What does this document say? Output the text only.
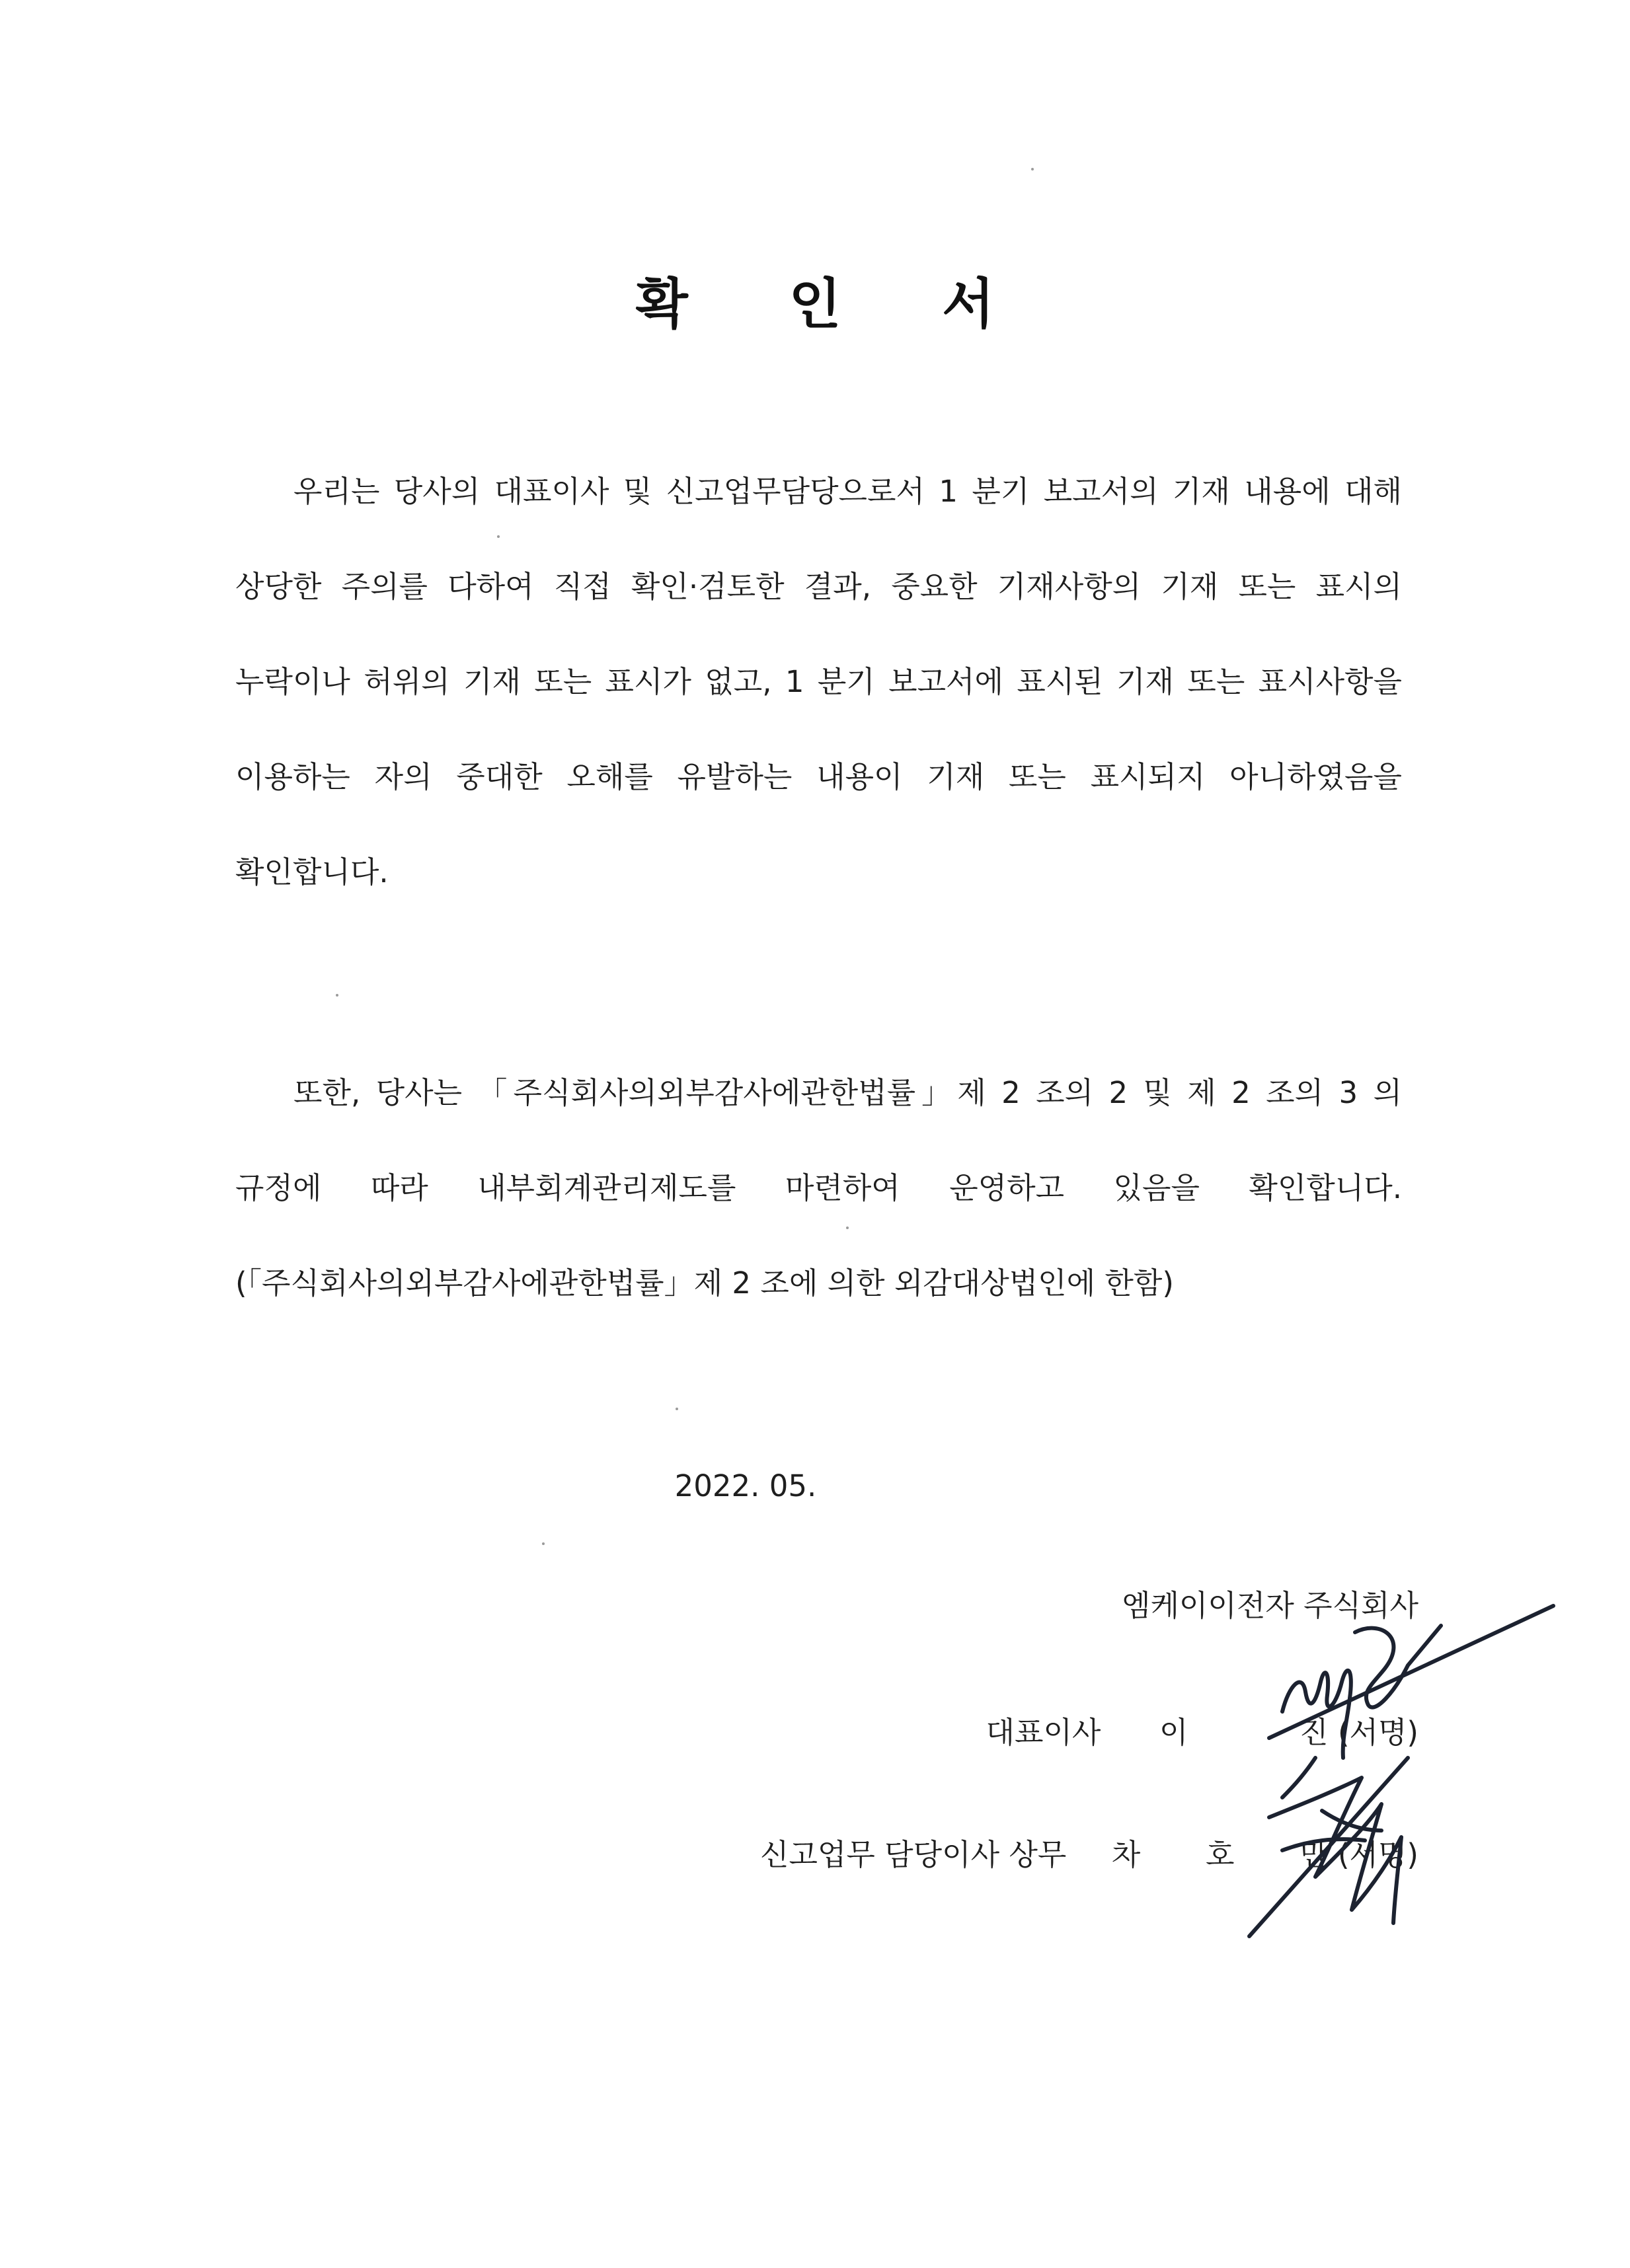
확 인 서

우리는 당사의 대표이사 및 신고업무담당으로서 1 분기 보고서의 기재 내용에 대해 상당한 주의를 다하여 직접 확인·검토한 결과, 중요한 기재사항의 기재 또는 표시의 누락이나 허위의 기재 또는 표시가 없고, 1 분기 보고서에 표시된 기재 또는 표시사항을 이용하는 자의 중대한 오해를 유발하는 내용이 기재 또는 표시되지 아니하였음을 확인합니다.

또한, 당사는 「주식회사의외부감사에관한법률」제 2 조의 2 및 제 2 조의 3 의 규정에 따라 내부회계관리제도를 마련하여 운영하고 있음을 확인합니다.(「주식회사의외부감사에관한법률」제 2 조에 의한 외감대상법인에 한함)

2022. 05.
엠케이이전자 주식회사
대표이사 이	진 (서명)
신고업무 담당이사 상무 차 호 만 (서명)
